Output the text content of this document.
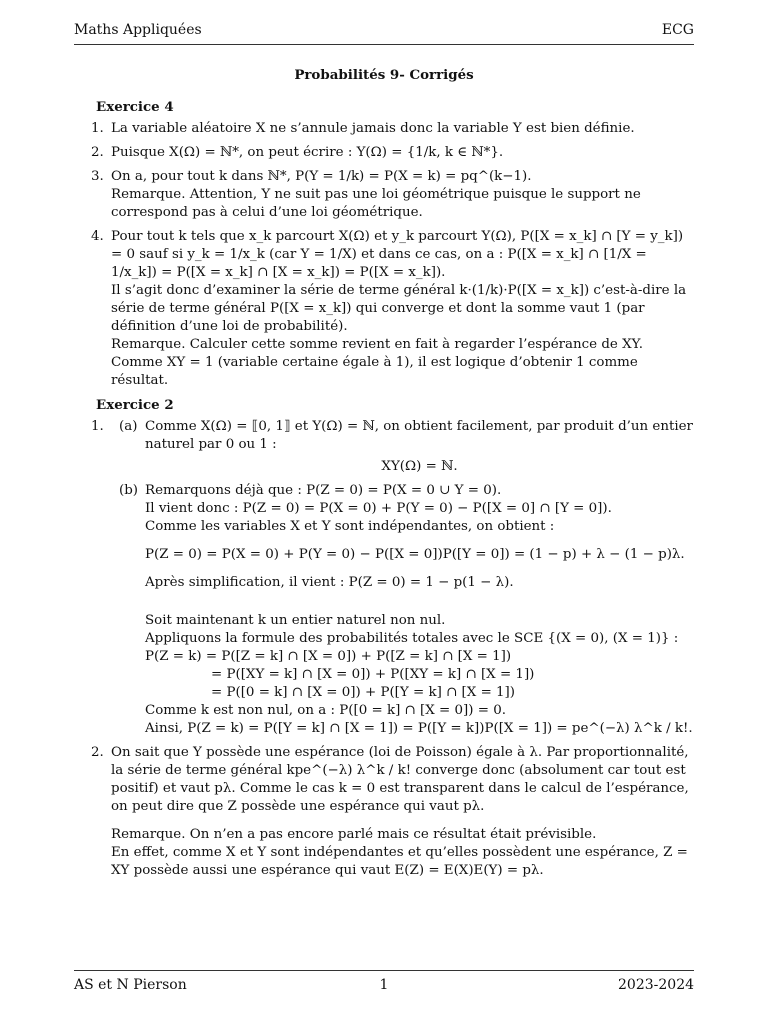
Maths Appliquées	ECG
Probabilités 9- Corrigés
Exercice 4
1. La variable aléatoire X ne s’annule jamais donc la variable Y est bien définie.

2. Puisque X(Ω) = ℕ*, on peut écrire : Y(Ω) = {1/k, k ∈ ℕ*}.

3. On a, pour tout k dans ℕ*, P(Y = 1/k) = P(X = k) = pq^(k−1).

Remarque. Attention, Y ne suit pas une loi géométrique puisque le support ne correspond pas à celui d’une loi géométrique.

4. Pour tout k tels que x_k parcourt X(Ω) et y_k parcourt Y(Ω), P([X = x_k] ∩ [Y = y_k]) = 0 sauf si y_k = 1/x_k (car Y = 1/X) et dans ce cas, on a : P([X = x_k] ∩ [1/X = 1/x_k]) = P([X = x_k] ∩ [X = x_k]) = P([X = x_k]).

Il s’agit donc d’examiner la série de terme général k·(1/k)·P([X = x_k]) c’est-à-dire la série de terme général P([X = x_k]) qui converge et dont la somme vaut 1 (par définition d’une loi de probabilité).

Remarque. Calculer cette somme revient en fait à regarder l’espérance de XY. Comme XY = 1 (variable certaine égale à 1), il est logique d’obtenir 1 comme résultat.

Exercice 2
1. (a) Comme X(Ω) = ⟦0, 1⟧ et Y(Ω) = ℕ, on obtient facilement, par produit d’un entier naturel par 0 ou 1 :

XY(Ω) = ℕ.
(b) Remarquons déjà que : P(Z = 0) = P(X = 0 ∪ Y = 0).

Il vient donc : P(Z = 0) = P(X = 0) + P(Y = 0) − P([X = 0] ∩ [Y = 0]).

Comme les variables X et Y sont indépendantes, on obtient :

P(Z = 0) = P(X = 0) + P(Y = 0) − P([X = 0])P([Y = 0]) = (1 − p) + λ − (1 − p)λ.

Après simplification, il vient : P(Z = 0) = 1 − p(1 − λ).

Soit maintenant k un entier naturel non nul.

Appliquons la formule des probabilités totales avec le SCE {(X = 0), (X = 1)} :

P(Z = k) = P([Z = k] ∩ [X = 0]) + P([Z = k] ∩ [X = 1])

= P([XY = k] ∩ [X = 0]) + P([XY = k] ∩ [X = 1])

= P([0 = k] ∩ [X = 0]) + P([Y = k] ∩ [X = 1])

Comme k est non nul, on a : P([0 = k] ∩ [X = 0]) = 0.

Ainsi, P(Z = k) = P([Y = k] ∩ [X = 1]) = P([Y = k])P([X = 1]) = pe^(−λ) λ^k / k!.

2. On sait que Y possède une espérance (loi de Poisson) égale à λ. Par proportionnalité, la série de terme général kpe^(−λ) λ^k / k! converge donc (absolument car tout est positif) et vaut pλ. Comme le cas k = 0 est transparent dans le calcul de l’espérance, on peut dire que Z possède une espérance qui vaut pλ.

Remarque. On n’en a pas encore parlé mais ce résultat était prévisible.

En effet, comme X et Y sont indépendantes et qu’elles possèdent une espérance, Z = XY possède aussi une espérance qui vaut E(Z) = E(X)E(Y) = pλ.

AS et N Pierson	1	2023-2024
